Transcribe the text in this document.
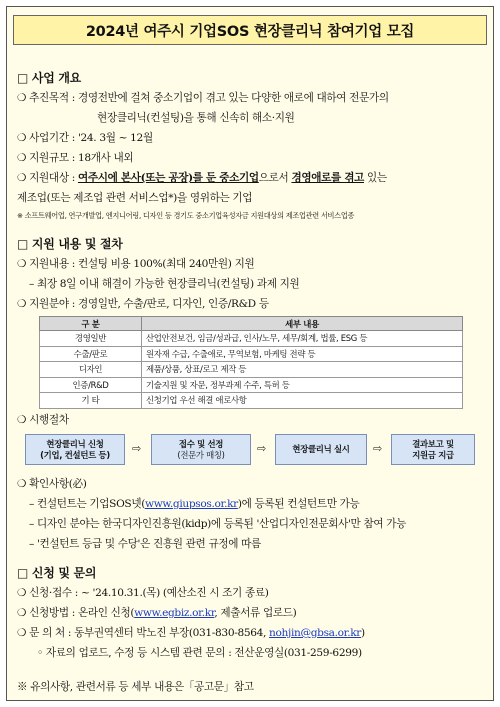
2024년 여주시 기업SOS 현장클리닉 참여기업 모집
□ 사업 개요
❍ 추진목적 : 경영전반에 걸쳐 중소기업이 겪고 있는 다양한 애로에 대하여 전문가의
현장클리닉(컨설팅)을 통해 신속히 해소·지원
❍ 사업기간 : '24. 3월 ~ 12월
❍ 지원규모 : 18개사 내외
❍ 지원대상 : 여주시에 본사(또는 공장)를 둔 중소기업으로서 경영애로를 겪고 있는
제조업(또는 제조업 관련 서비스업*)을 영위하는 기업
※ 소프트웨어업, 연구개발업, 엔지니어링, 디자인 등 경기도 중소기업육성자금 지원대상의 제조업관련 서비스업종
□ 지원 내용 및 절차
❍ 지원내용 : 컨설팅 비용 100%(최대 240만원) 지원
– 최장 8일 이내 해결이 가능한 현장클리닉(컨설팅) 과제 지원
❍ 지원분야 : 경영일반, 수출/판로, 디자인, 인증/R&D 등
구 분	세부 내용
경영일반	산업안전보건, 임금/성과급, 인사/노무, 세무/회계, 법률, ESG 등
수출/판로	원자재 수급, 수출애로, 무역보험, 마케팅 전략 등
디자인	제품/상품, 상표/로고 제작 등
인증/R&D	기술지원 및 자문, 정부과제 수주, 특허 등
기 타	신청기업 우선 해결 애로사항
❍ 시행절차
현장클리닉 신청
(기업, 컨설턴트 등) ⇨	접수 및 선정
(전문가 매칭)	⇨	현장클리닉 실시 ⇨	결과보고 및
지원금 지급
❍ 확인사항(必)
– 컨설턴트는 기업SOS넷(www.giupsos.or.kr)에 등록된 컨설턴트만 가능
– 디자인 분야는 한국디자인진흥원(kidp)에 등록된 '산업디자인전문회사'만 참여 가능
– '컨설턴트 등급 및 수당'은 진흥원 관련 규정에 따름
□ 신청 및 문의
❍ 신청·접수 : ~ '24.10.31.(목) (예산소진 시 조기 종료)
❍ 신청방법 : 온라인 신청(www.egbiz.or.kr, 제출서류 업로드)
❍ 문 의 처 : 동부권역센터 박노진 부장(031-830-8564, nohjin@gbsa.or.kr)
◦ 자료의 업로드, 수정 등 시스템 관련 문의 : 전산운영실(031-259-6299)
※ 유의사항, 관련서류 등 세부 내용은「공고문」참고
